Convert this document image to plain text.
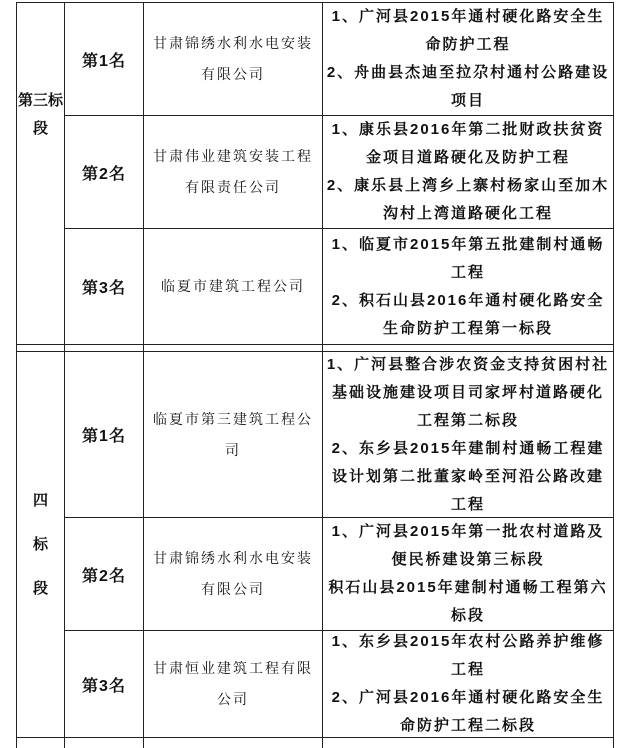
第三标段
第1名
甘肃锦绣水利水电安装有限公司
1、广河县2015年通村硬化路安全生命防护工程
2、舟曲县杰迪至拉尕村通村公路建设项目
第2名
甘肃伟业建筑安装工程有限责任公司
1、康乐县2016年第二批财政扶贫资金项目道路硬化及防护工程
2、康乐县上湾乡上寨村杨家山至加木沟村上湾道路硬化工程
第3名	临夏市建筑工程公司
1、临夏市2015年第五批建制村通畅工程
2、积石山县2016年通村硬化路安全生命防护工程第一标段
四标段
第1名
临夏市第三建筑工程公司
1、广河县整合涉农资金支持贫困村社基础设施建设项目司家坪村道路硬化工程第二标段
2、东乡县2015年建制村通畅工程建设计划第二批董家岭至河沿公路改建工程
第2名
甘肃锦绣水利水电安装有限公司
1、广河县2015年第一批农村道路及便民桥建设第三标段
积石山县2015年建制村通畅工程第六标段
第3名
甘肃恒业建筑工程有限公司
1、东乡县2015年农村公路养护维修工程
2、广河县2016年通村硬化路安全生命防护工程二标段
